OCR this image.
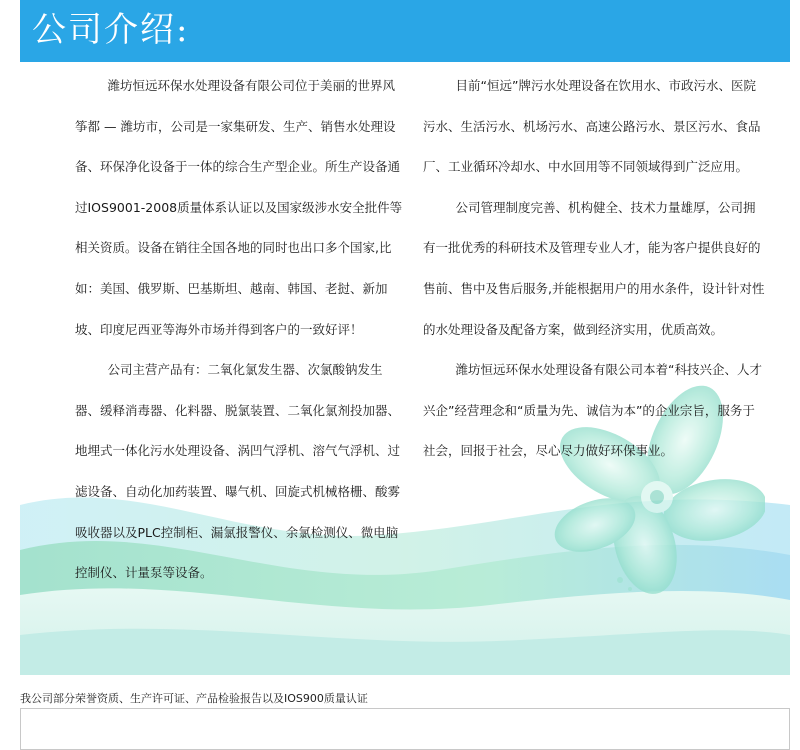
公司介绍:

潍坊恒远环保水处理设备有限公司位于美丽的世界风筝都 — 潍坊市，公司是一家集研发、生产、销售水处理设备、环保净化设备于一体的综合生产型企业。所生产设备通过IOS9001-2008质量体系认证以及国家级涉水安全批件等相关资质。设备在销往全国各地的同时也出口多个国家,比如：美国、俄罗斯、巴基斯坦、越南、韩国、老挝、新加坡、印度尼西亚等海外市场并得到客户的一致好评！

公司主营产品有：二氧化氯发生器、次氯酸钠发生器、缓释消毒器、化料器、脱氯装置、二氧化氯剂投加器、地埋式一体化污水处理设备、涡凹气浮机、溶气气浮机、过滤设备、自动化加药装置、曝气机、回旋式机械格栅、酸雾吸收器以及PLC控制柜、漏氯报警仪、余氯检测仪、微电脑控制仪、计量泵等设备。

目前“恒远”牌污水处理设备在饮用水、市政污水、医院污水、生活污水、机场污水、高速公路污水、景区污水、食品厂、工业循环冷却水、中水回用等不同领域得到广泛应用。

公司管理制度完善、机构健全、技术力量雄厚，公司拥有一批优秀的科研技术及管理专业人才，能为客户提供良好的售前、售中及售后服务,并能根据用户的用水条件，设计针对性的水处理设备及配备方案，做到经济实用，优质高效。

潍坊恒远环保水处理设备有限公司本着“科技兴企、人才兴企”经营理念和“质量为先、诚信为本”的企业宗旨，服务于社会，回报于社会，尽心尽力做好环保事业。

我公司部分荣誉资质、生产许可证、产品检验报告以及IOS900质量认证
